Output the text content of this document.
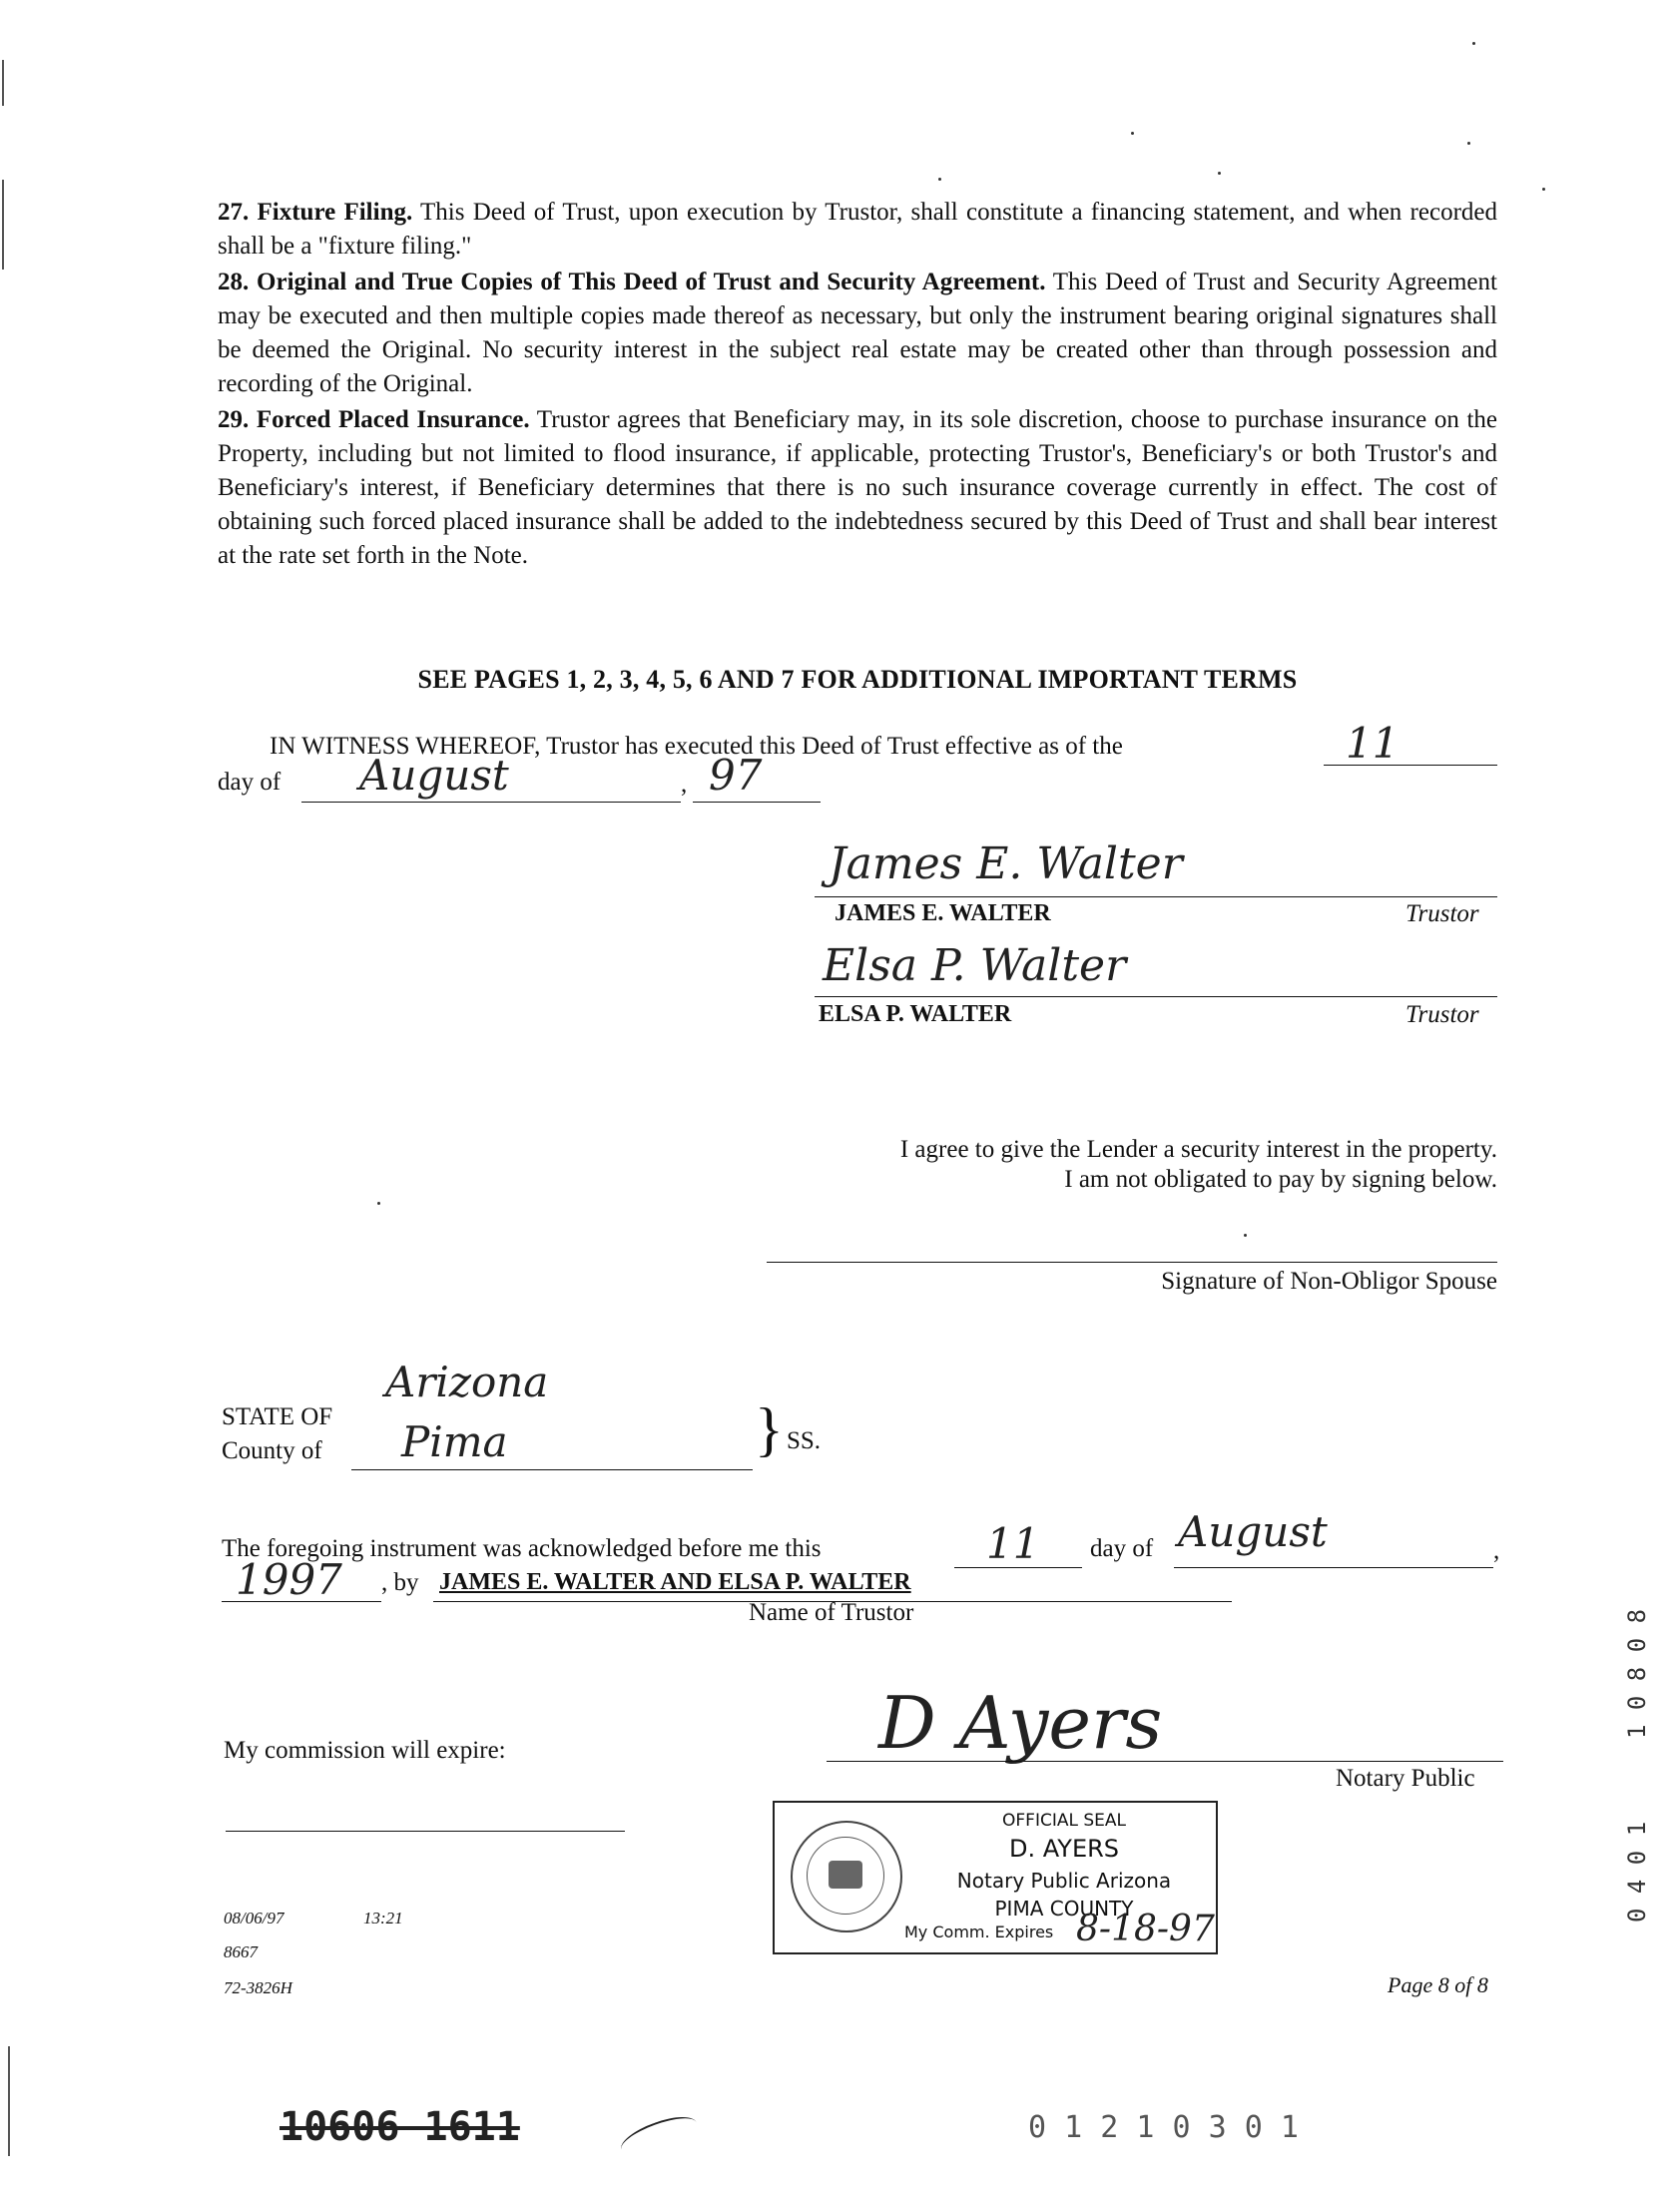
27. Fixture Filing. This Deed of Trust, upon execution by Trustor, shall constitute a financing statement, and when recorded shall be a "fixture filing."
28. Original and True Copies of This Deed of Trust and Security Agreement. This Deed of Trust and Security Agreement may be executed and then multiple copies made thereof as necessary, but only the instrument bearing original signatures shall be deemed the Original. No security interest in the subject real estate may be created other than through possession and recording of the Original.
29. Forced Placed Insurance. Trustor agrees that Beneficiary may, in its sole discretion, choose to purchase insurance on the Property, including but not limited to flood insurance, if applicable, protecting Trustor's, Beneficiary's or both Trustor's and Beneficiary's interest, if Beneficiary determines that there is no such insurance coverage currently in effect. The cost of obtaining such forced placed insurance shall be added to the indebtedness secured by this Deed of Trust and shall bear interest at the rate set forth in the Note.
SEE PAGES 1, 2, 3, 4, 5, 6 AND 7 FOR ADDITIONAL IMPORTANT TERMS
IN WITNESS WHEREOF, Trustor has executed this Deed of Trust effective as of the	11
day of August	, 97
James E. Walter
JAMES E. WALTER	Trustor
Elsa P. Walter
ELSA P. WALTER	Trustor
I agree to give the Lender a security interest in the property.
I am not obligated to pay by signing below.
Signature of Non-Obligor Spouse
Arizona
STATE OF
Pima
County of	} SS.
The foregoing instrument was acknowledged before me this	11 day of August	,
1997 , by JAMES E. WALTER AND ELSA P. WALTER
Name of Trustor
My commission will expire:	D Ayers
Notary Public
OFFICIAL SEAL
D. AYERS
Notary Public Arizona
PIMA COUNTY
My Comm. Expires 8-18-97
08/06/97	13:21
8667
72-3826H	Page 8 of 8
10606 1611	0 1 2 1 0 3 0 1
1 0 8 0 8
0 4 0 1
